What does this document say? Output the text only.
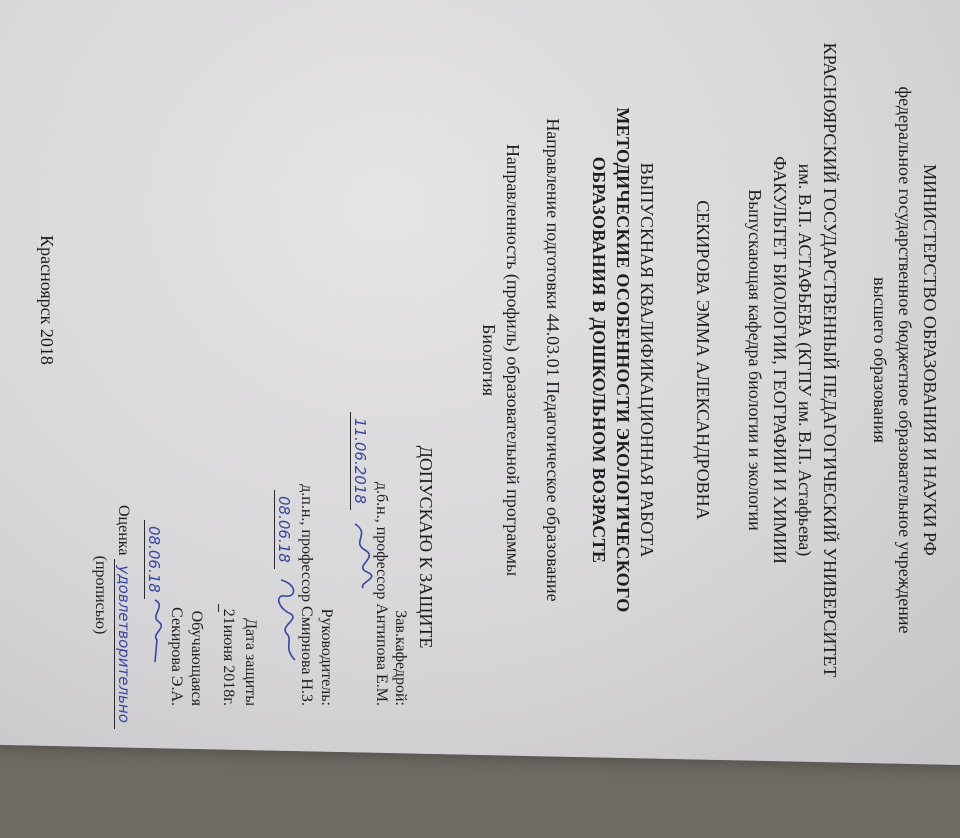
МИНИСТЕРСТВО ОБРАЗОВАНИЯ И НАУКИ РФ
федеральное государственное бюджетное образовательное учреждение
высшего образования
КРАСНОЯРСКИЙ ГОСУДАРСТВЕННЫЙ ПЕДАГОГИЧЕСКИЙ УНИВЕРСИТЕТ
им. В.П. АСТАФЬЕВА (КГПУ им. В.П. Астафьева)
ФАКУЛЬТЕТ БИОЛОГИИ, ГЕОГРАФИИ И ХИМИИ
Выпускающая кафедра биологии и экологии
СЕКИРОВА ЭММА АЛЕКСАНДРОВНА
ВЫПУСКНАЯ КВАЛИФИКАЦИОННАЯ РАБОТА
МЕТОДИЧЕСКИЕ ОСОБЕННОСТИ ЭКОЛОГИЧЕСКОГО
ОБРАЗОВАНИЯ В ДОШКОЛЬНОМ ВОЗРАСТЕ
Направление подготовки 44.03.01 Педагогическое образование
Направленность (профиль) образовательной программы
Биология
ДОПУСКАЮ К ЗАЩИТЕ
Зав.кафедрой:
д.б.н., профессор Антипова Е.М.
11.06.2018
Руководитель:
д.п.н., профессор Смирнова Н.З.
08.06.18
Дата защиты
21июня 2018г.
Обучающаяся
Секирова Э.А.
08.06.18
Оценка удовлетворительно
(прописью)
Красноярск 2018
